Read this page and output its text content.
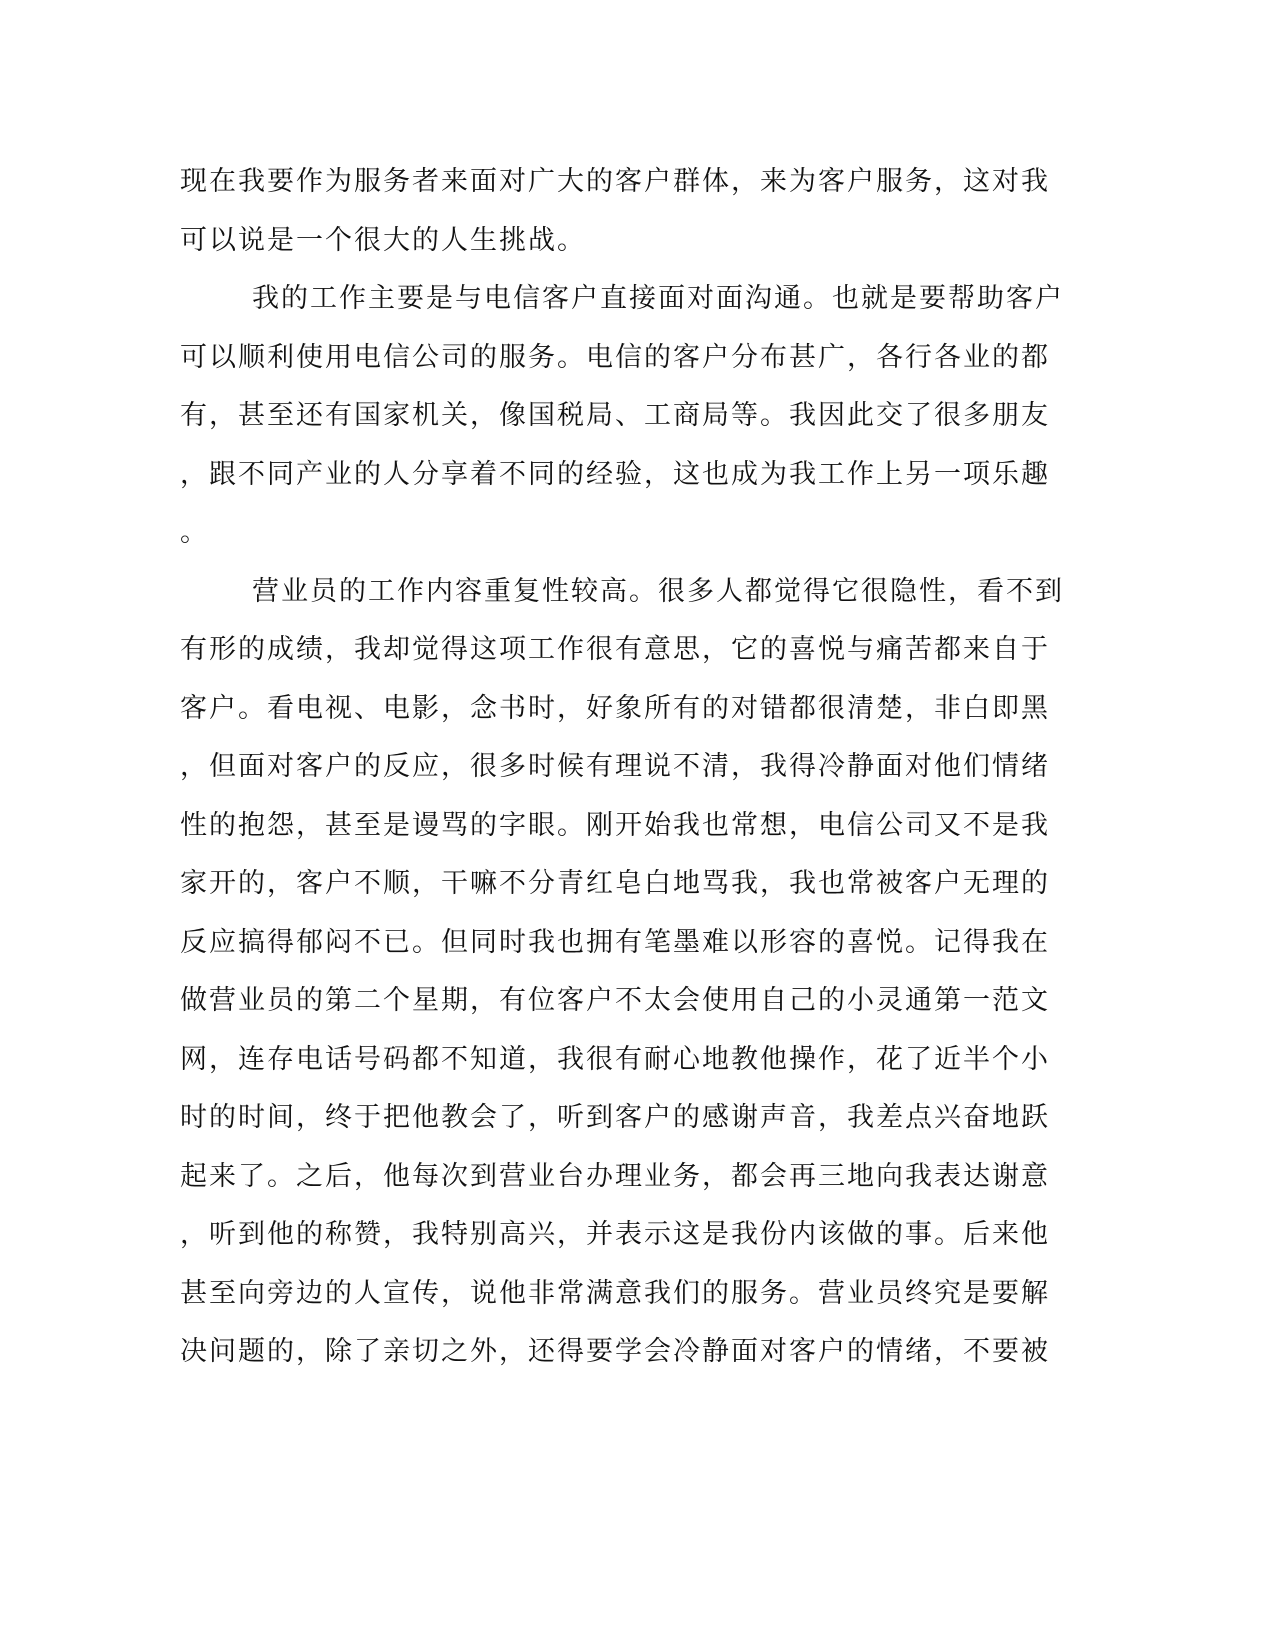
现在我要作为服务者来面对广大的客户群体，来为客户服务，这对我
可以说是一个很大的人生挑战。
我的工作主要是与电信客户直接面对面沟通。也就是要帮助客户
可以顺利使用电信公司的服务。电信的客户分布甚广，各行各业的都
有，甚至还有国家机关，像国税局、工商局等。我因此交了很多朋友
，跟不同产业的人分享着不同的经验，这也成为我工作上另一项乐趣
。
营业员的工作内容重复性较高。很多人都觉得它很隐性，看不到
有形的成绩，我却觉得这项工作很有意思，它的喜悦与痛苦都来自于
客户。看电视、电影，念书时，好象所有的对错都很清楚，非白即黑
，但面对客户的反应，很多时候有理说不清，我得冷静面对他们情绪
性的抱怨，甚至是谩骂的字眼。刚开始我也常想，电信公司又不是我
家开的，客户不顺，干嘛不分青红皂白地骂我，我也常被客户无理的
反应搞得郁闷不已。但同时我也拥有笔墨难以形容的喜悦。记得我在
做营业员的第二个星期，有位客户不太会使用自己的小灵通第一范文
网，连存电话号码都不知道，我很有耐心地教他操作，花了近半个小
时的时间，终于把他教会了，听到客户的感谢声音，我差点兴奋地跃
起来了。之后，他每次到营业台办理业务，都会再三地向我表达谢意
，听到他的称赞，我特别高兴，并表示这是我份内该做的事。后来他
甚至向旁边的人宣传，说他非常满意我们的服务。营业员终究是要解
决问题的，除了亲切之外，还得要学会冷静面对客户的情绪，不要被
